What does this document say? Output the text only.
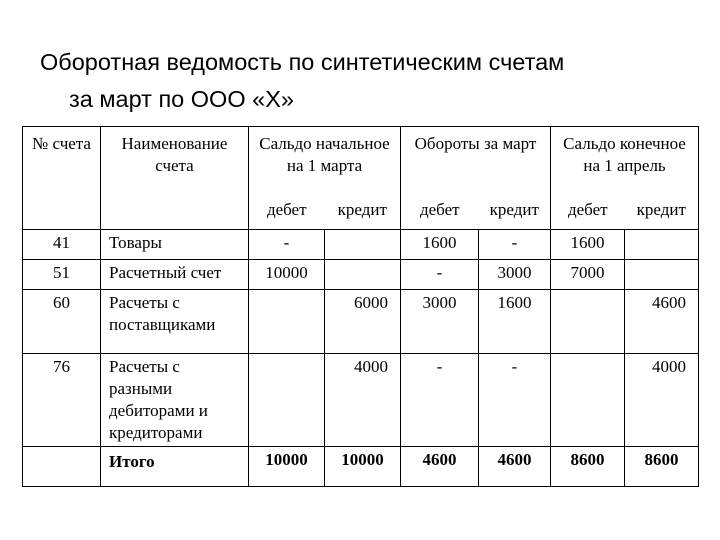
Оборотная ведомость по синтетическим счетам
за март по ООО «Х»
№ счета	Наименование счета	Сальдо начальное на 1 марта		Обороты за март		Сальдо конечное на 1 апрель	
		дебет	кредит	дебет	кредит	дебет	кредит
41	Товары	-		1600	-	1600	
51	Расчетный счет	10000		-	3000	7000	
60	Расчеты с поставщиками		6000	3000	1600		4600
76	Расчеты с разными дебиторами и кредиторами		4000	-	-		4000
	Итого	10000	10000	4600	4600	8600	8600
